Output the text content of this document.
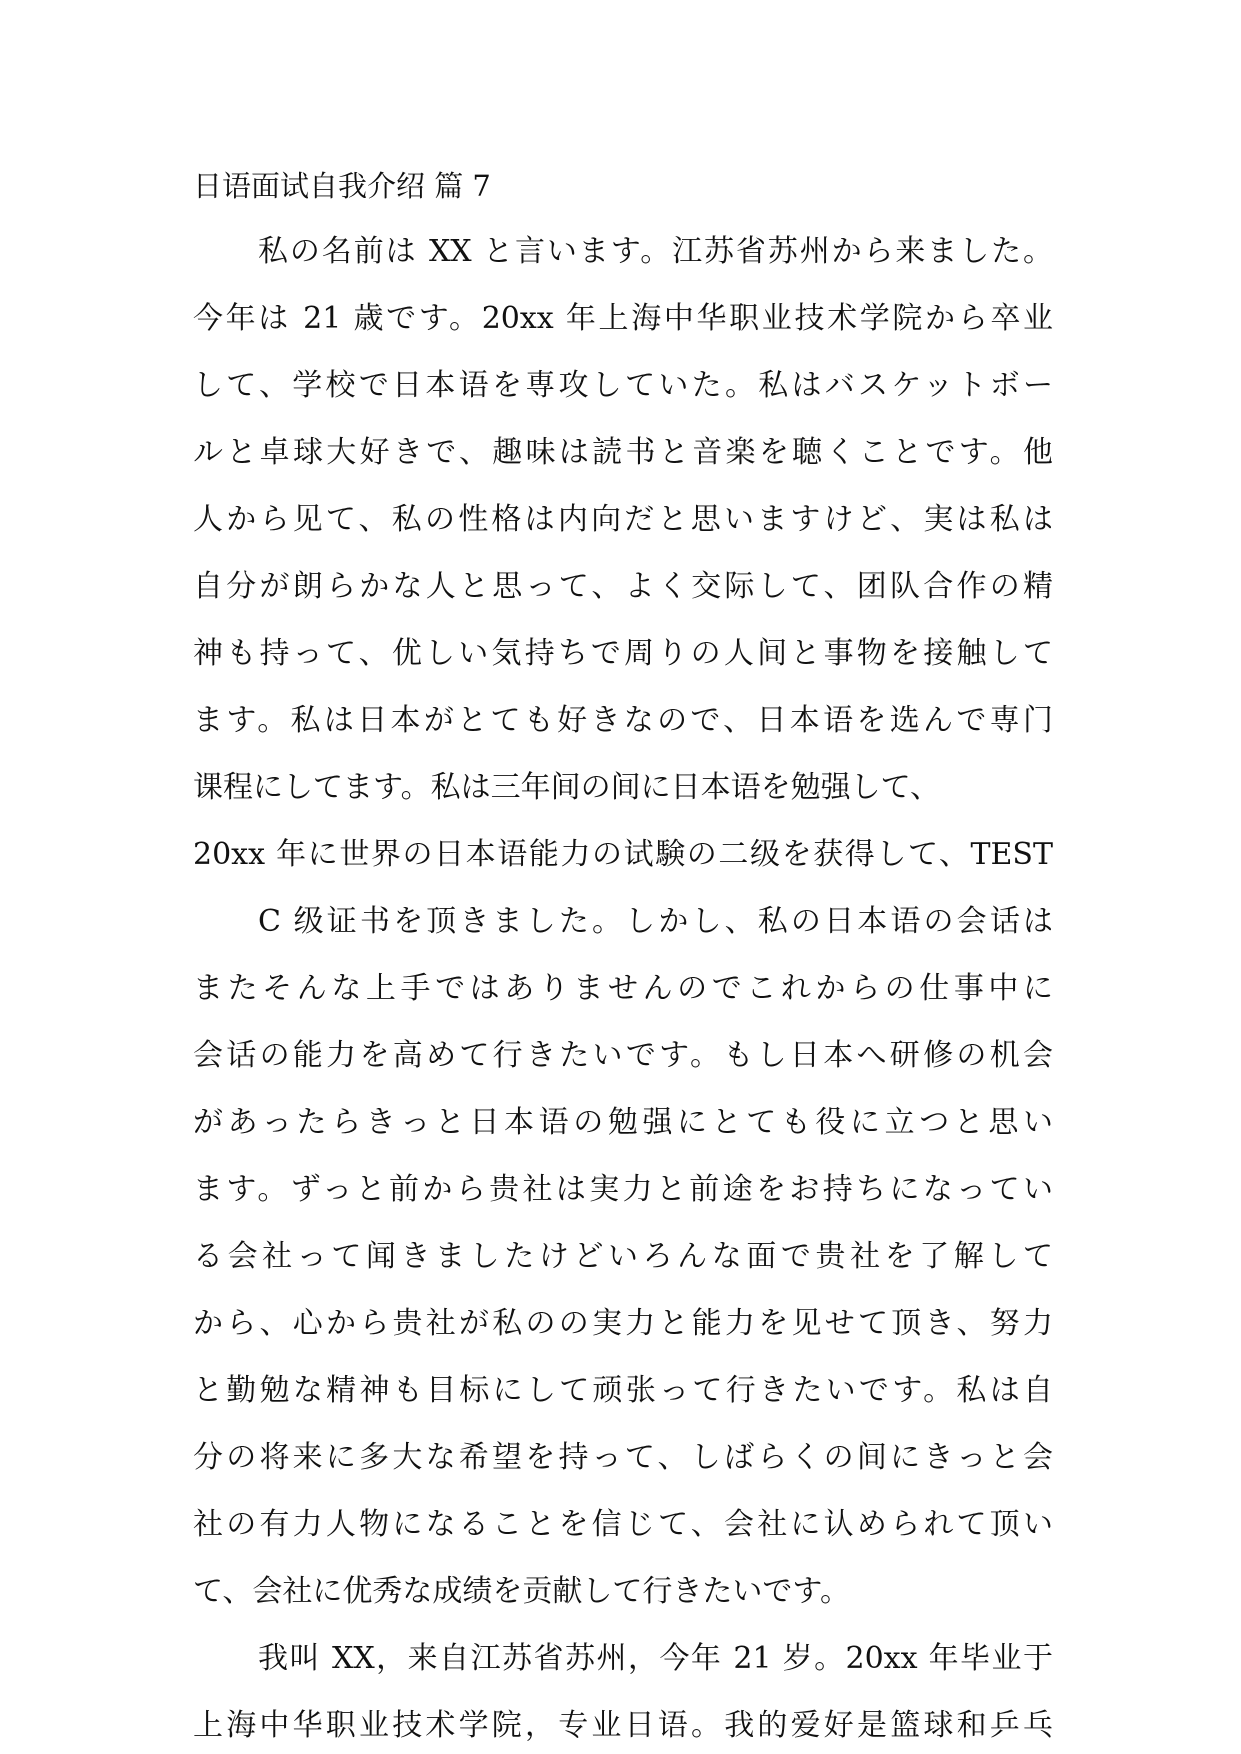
日语面试自我介绍 篇 7
私の名前は XX と言います。江苏省苏州から来ました。
今年は 21 歳です。20xx 年上海中华职业技术学院から卒业
して、学校で日本语を専攻していた。私はバスケットボー
ルと卓球大好きで、趣味は読书と音楽を聴くことです。他
人から见て、私の性格は内向だと思いますけど、実は私は
自分が朗らかな人と思って、よく交际して、团队合作の精
神も持って、优しい気持ちで周りの人间と事物を接触して
ます。私は日本がとても好きなので、日本语を选んで専门
课程にしてます。私は三年间の间に日本语を勉强して、
20xx 年に世界の日本语能力の试験の二级を获得して、TEST
C 级证书を顶きました。しかし、私の日本语の会话は
またそんな上手ではありませんのでこれからの仕事中に
会话の能力を高めて行きたいです。もし日本へ研修の机会
があったらきっと日本语の勉强にとても役に立つと思い
ます。ずっと前から贵社は実力と前途をお持ちになってい
る会社って闻きましたけどいろんな面で贵社を了解して
から、心から贵社が私のの実力と能力を见せて顶き、努力
と勤勉な精神も目标にして顽张って行きたいです。私は自
分の将来に多大な希望を持って、しばらくの间にきっと会
社の有力人物になることを信じて、会社に认められて顶い
て、会社に优秀な成绩を贡献して行きたいです。
我叫 XX，来自江苏省苏州，今年 21 岁。20xx 年毕业于
上海中华职业技术学院，专业日语。我的爱好是篮球和乒乓
